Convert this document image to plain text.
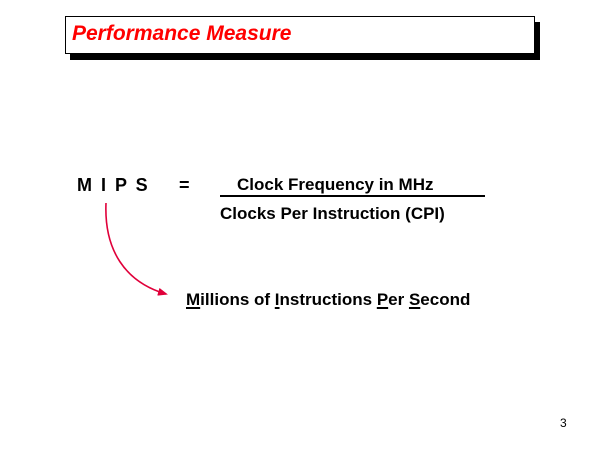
Performance Measure
M I P S =	Clock Frequency in MHz
Clocks Per Instruction (CPI)
Millions of Instructions Per Second
3
